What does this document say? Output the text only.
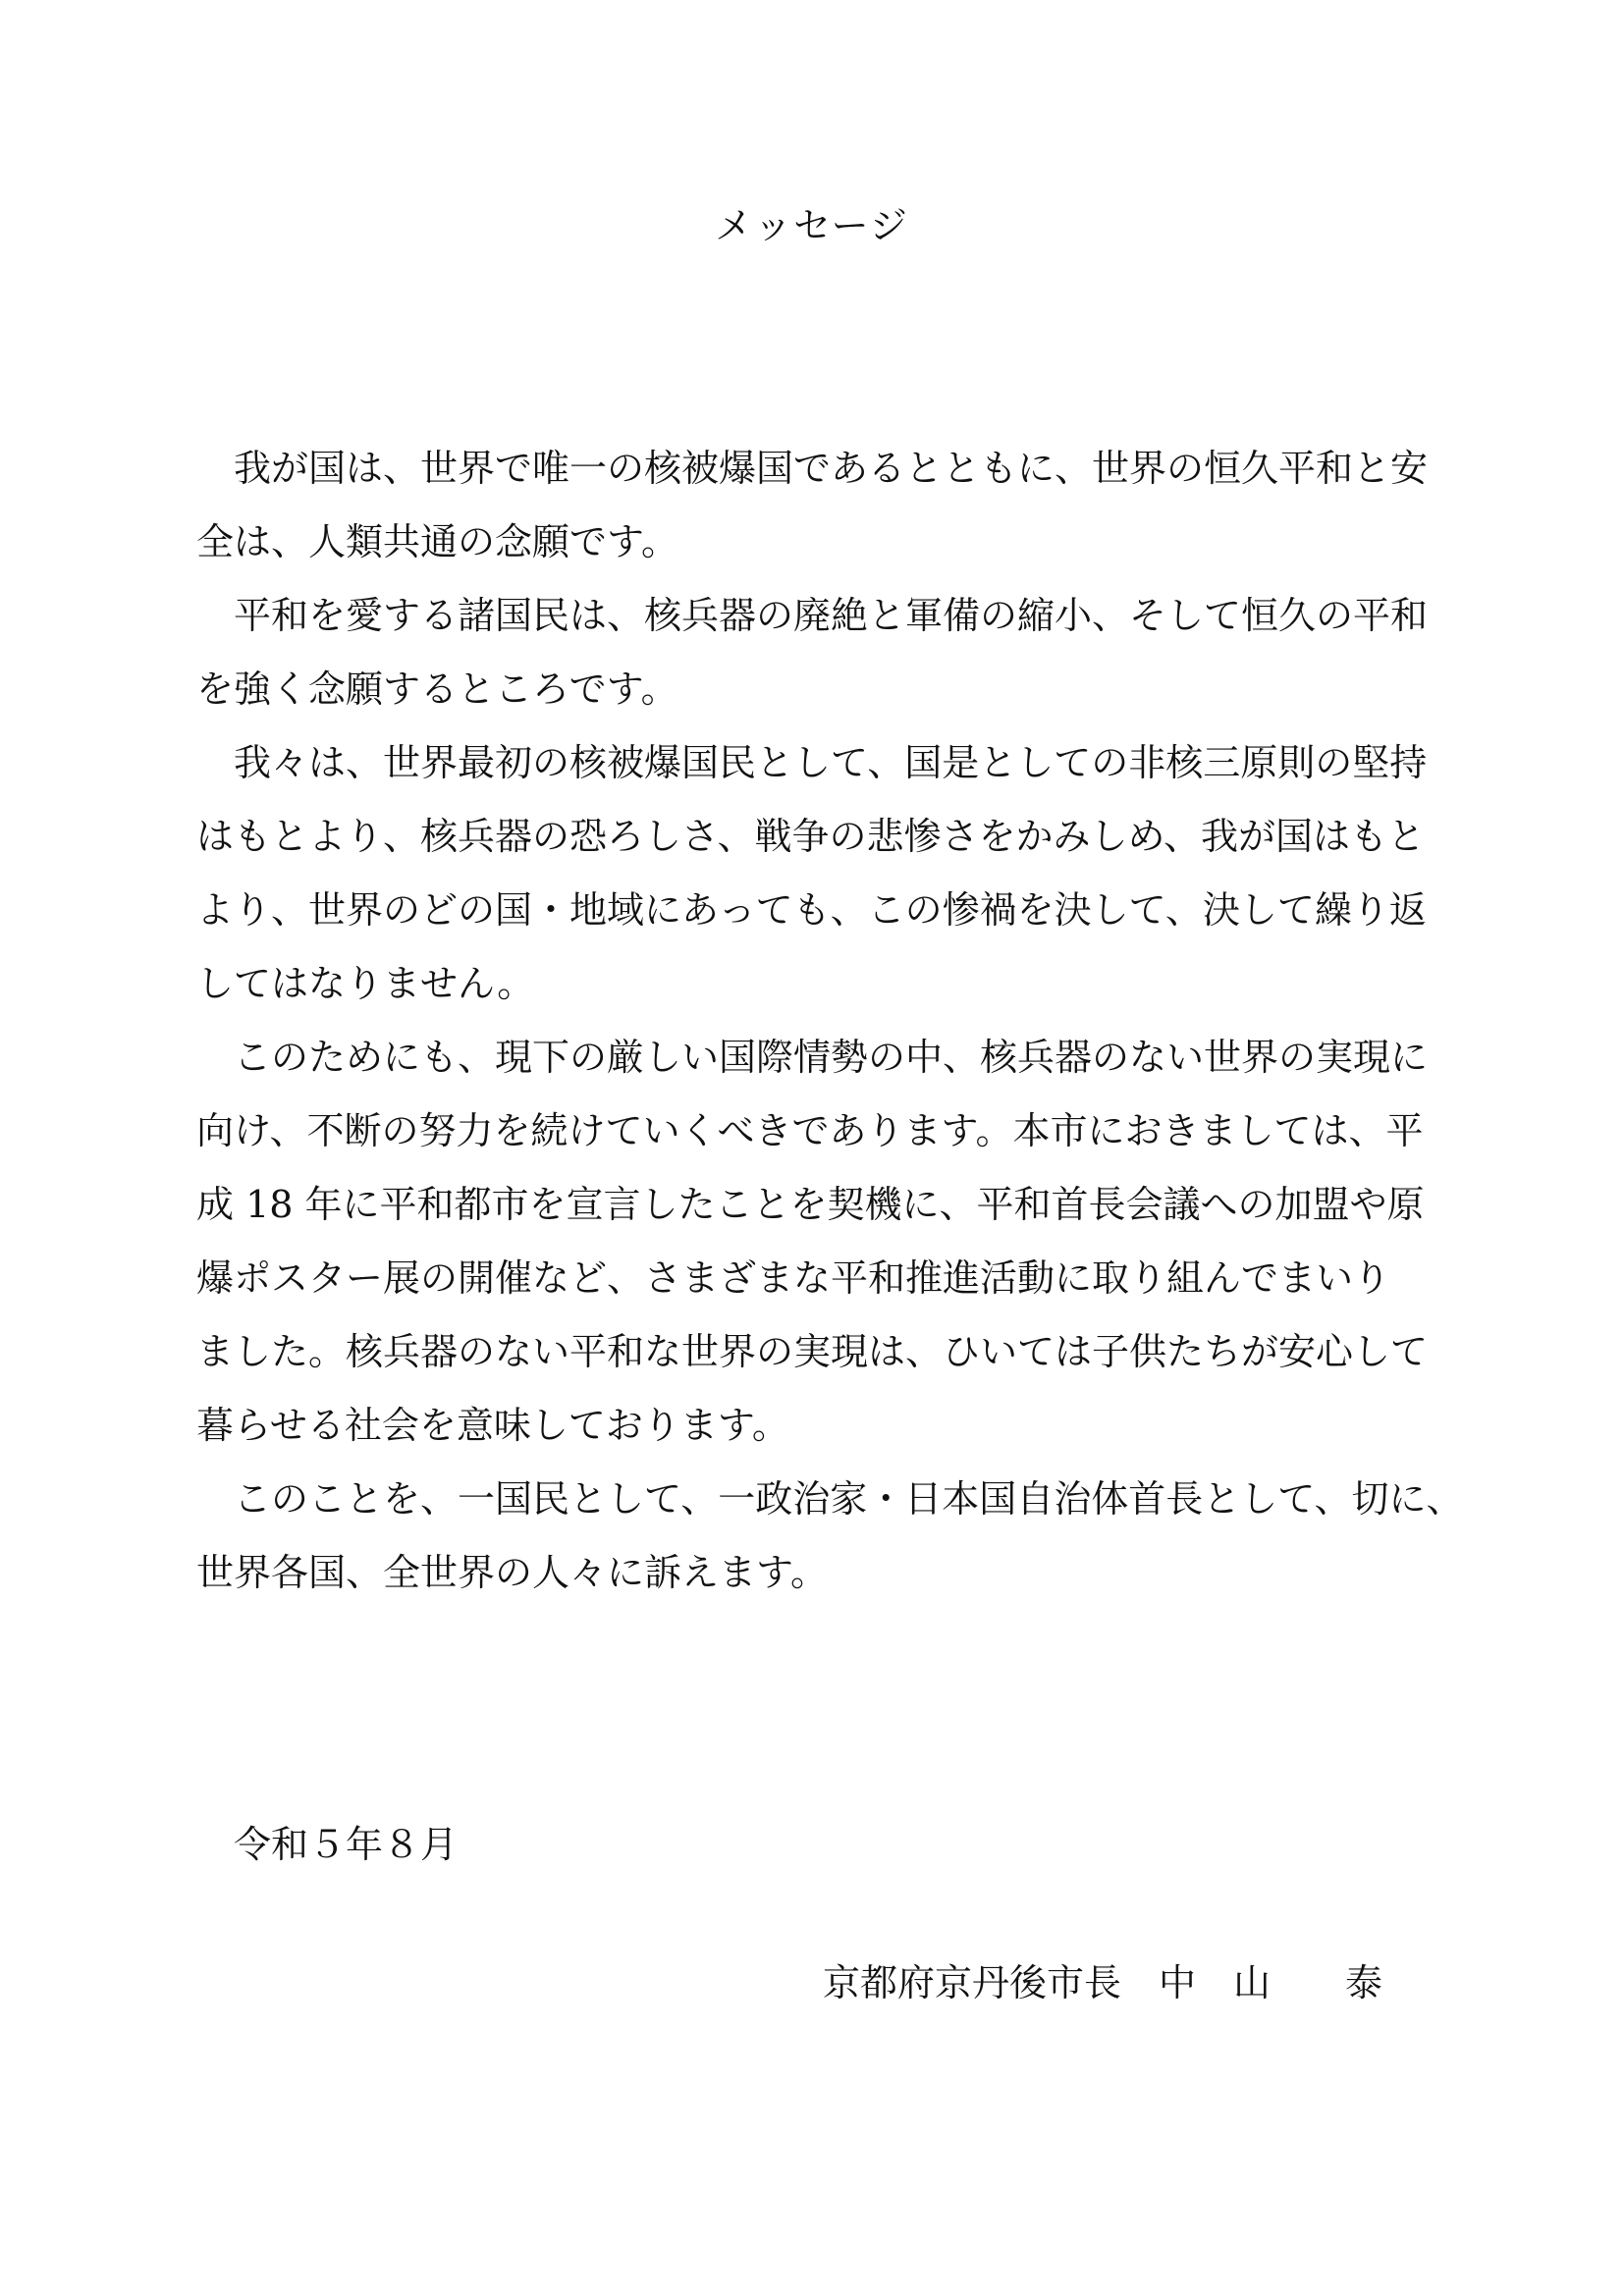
メッセージ

我が国は、世界で唯一の核被爆国であるとともに、世界の恒久平和と安
全は、人類共通の念願です。

平和を愛する諸国民は、核兵器の廃絶と軍備の縮小、そして恒久の平和
を強く念願するところです。

我々は、世界最初の核被爆国民として、国是としての非核三原則の堅持
はもとより、核兵器の恐ろしさ、戦争の悲惨さをかみしめ、我が国はもと
より、世界のどの国・地域にあっても、この惨禍を決して、決して繰り返
してはなりません。

このためにも、現下の厳しい国際情勢の中、核兵器のない世界の実現に
向け、不断の努力を続けていくべきであります。本市におきましては、平
成 18 年に平和都市を宣言したことを契機に、平和首長会議への加盟や原
爆ポスター展の開催など、さまざまな平和推進活動に取り組んでまいり
ました。核兵器のない平和な世界の実現は、ひいては子供たちが安心して
暮らせる社会を意味しております。

このことを、一国民として、一政治家・日本国自治体首長として、切に、
世界各国、全世界の人々に訴えます。

令和５年８月

京都府京丹後市長　中　山　　泰
